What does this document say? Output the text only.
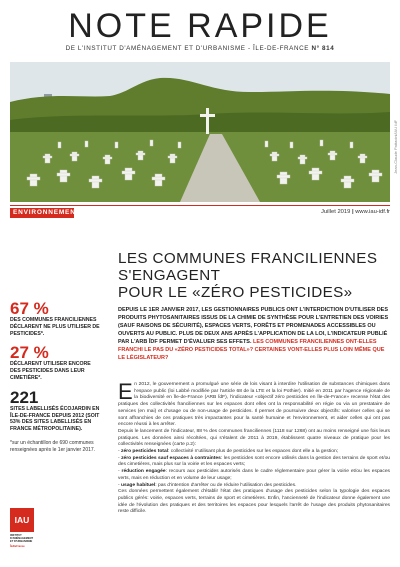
NOTE RAPIDE
DE L'INSTITUT D'AMÉNAGEMENT ET D'URBANISME - ÎLE-DE-FRANCE N° 814
Jean-Claude Pattacini/IAU îdF
ENVIRONNEMENT	Juillet 2019 | www.iau-idf.fr
LES COMMUNES FRANCILIENNES
S'ENGAGENT
POUR LE «ZÉRO PESTICIDES»
DEPUIS LE 1ER JANVIER 2017, LES GESTIONNAIRES PUBLICS ONT L'INTERDICTION D'UTILISER DES PRODUITS PHYTOSANITAIRES ISSUS DE LA CHIMIE DE SYNTHÈSE POUR L'ENTRETIEN DES VOIRIES (SAUF RAISONS DE SÉCURITÉ), ESPACES VERTS, FORÊTS ET PROMENADES ACCESSIBLES OU OUVERTS AU PUBLIC. PLUS DE DEUX ANS APRÈS L'APPLICATION DE LA LOI, L'INDICATEUR PUBLIÉ PAR L'ARB ÎDF PERMET D'ÉVALUER SES EFFETS. LES COMMUNES FRANCILIENNES ONT-ELLES FRANCHI LE PAS DU «ZÉRO PESTICIDES TOTAL»? CERTAINES VONT-ELLES PLUS LOIN MÊME QUE LE LÉGISLATEUR?

En 2012, le gouvernement a promulgué une série de lois visant à interdire l'utilisation de substances chimiques dans l'espace public (loi Labbé modifiée par l'article 68 de la LTE et la loi Pothier). Initié en 2011 par l'agence régionale de la biodiversité en Île-de-France (ARB ÎdF), l'indicateur «objectif zéro pesticides en Île-de-France» recense l'état des pratiques des collectivités franciliennes sur les espaces dont elles ont la responsabilité en régie ou via un prestataire de services (en mai) et d'usage ou de non-usage de pesticides. Il permet de poursuivre deux objectifs: valoriser celles qui se sont affranchies de ces pratiques très impactantes pour la santé humaine et l'environnement, et aider celles qui ont pas encore réussi à les arrêter.

Depuis le lancement de l'indicateur, 88 % des communes franciliennes (1118 sur 1268) ont au moins renseigné une fois leurs pratiques. Les données ainsi récoltées, qui s'étalent de 2011 à 2019, établissent quatre niveaux de pratique pour les collectivités renseignées (carte p.2):

- zéro pesticides total: collectivité n'utilisant plus de pesticides sur les espaces dont elle a la gestion;

- zéro pesticides sauf espaces à contraintes: les pesticides sont encore utilisés dans la gestion des terrains de sport et/ou des cimetières, mais plus sur la voirie et les espaces verts;

- réduction engagée: recours aux pesticides autorisés dans le cadre réglementaire pour gérer la voirie et/ou les espaces verts, mais en réduction et en volume de leur usage;

- usage habituel: pas d'intention d'arrêter ou de réduire l'utilisation des pesticides.

Ces données permettent également d'établir l'état des pratiques d'usage des pesticides selon la typologie des espaces publics gérés: voirie, espaces verts, terrains de sport et cimetières. Enfin, l'ancienneté de l'indicateur donne également une idée de l'évolution des pratiques et des territoires les espaces pour lesquels l'arrêt de l'usage des produits phytosanitaires reste difficile.

67 %
DES COMMUNES FRANCILIENNES DÉCLARENT NE PLUS UTILISER DE PESTICIDES*.
27 %
DÉCLARENT UTILISER ENCORE DES PESTICIDES DANS LEUR CIMETIÈRE*.
221
SITES LABELLISÉS ÉCOJARDIN EN ÎLE-DE-FRANCE DEPUIS 2012 (SOIT 53% DES SITES LABELLISÉS EN FRANCE MÉTROPOLITAINE).
*sur un échantillon de 690 communes renseignées après le 1er janvier 2017.
IAU
INSTITUT
D'AMÉNAGEMENT
ET D'URBANISME
ÎleDeFrance
